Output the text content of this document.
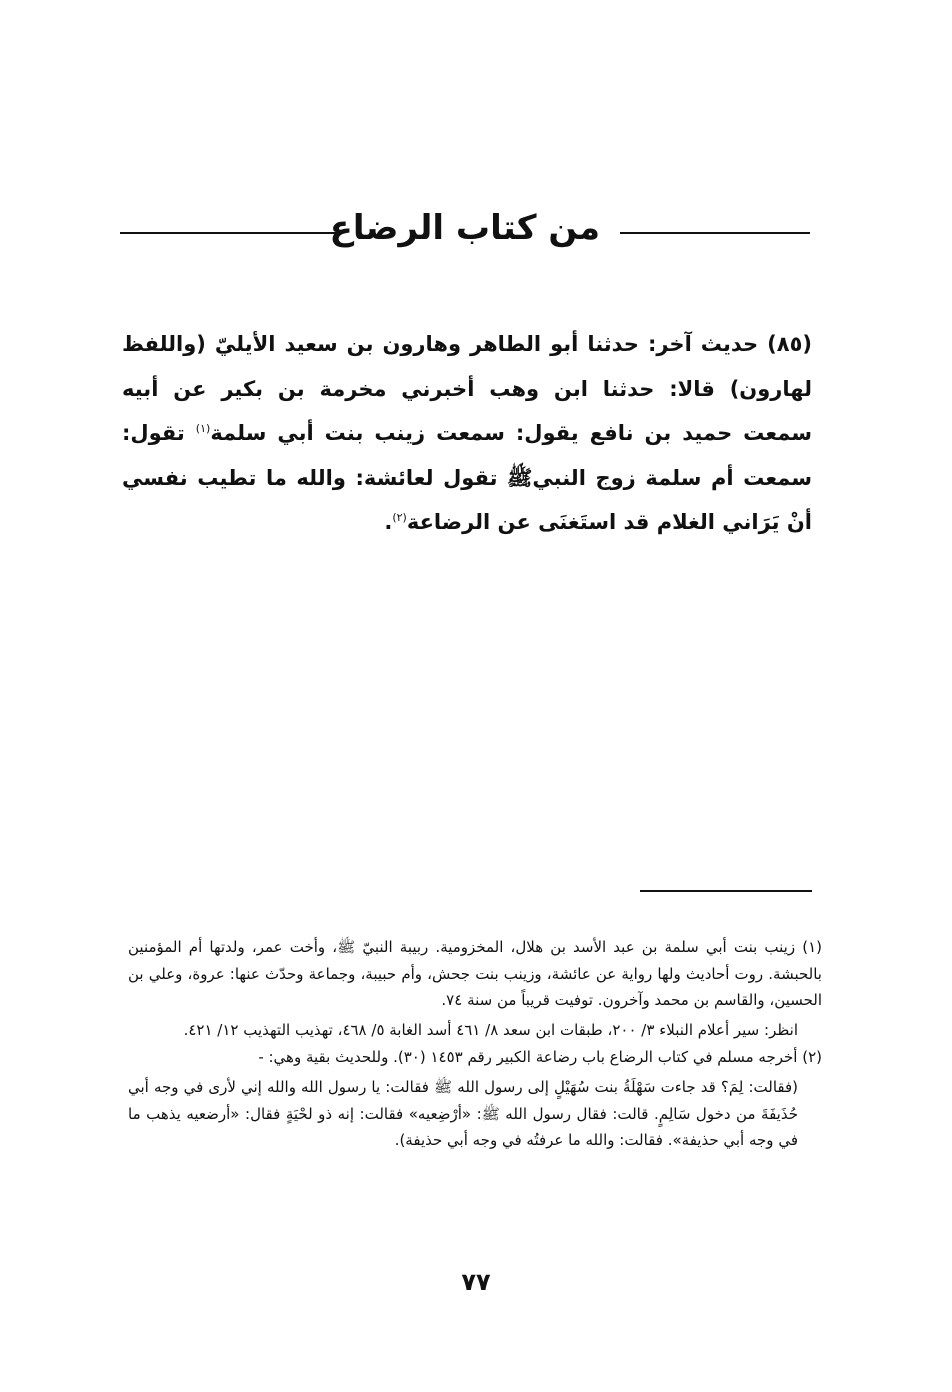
من كتاب الرضاع
(٨٥) حديث آخر: حدثنا أبو الطاهر وهارون بن سعيد الأيليّ (واللفظ لهارون) قالا: حدثنا ابن وهب أخبرني مخرمة بن بكير عن أبيه سمعت حميد بن نافع يقول: سمعت زينب بنت أبي سلمة$^{(١)}$ تقول: سمعت أم سلمة زوج النبيﷺ تقول لعائشة: والله ما تطيب نفسي أنْ يَرَاني الغلام قد استَغنَى عن الرضاعة$^{(٢)}$.

(١) زينب بنت أبي سلمة بن عبد الأسد بن هلال، المخزومية. ربيبة النبيّ ﷺ، وأخت عمر، ولدتها أم المؤمنين بالحبشة. روت أحاديث ولها رواية عن عائشة، وزينب بنت جحش، وأم حبيبة، وجماعة وحدّث عنها: عروة، وعلي بن الحسين، والقاسم بن محمد وآخرون. توفيت قريباً من سنة ٧٤.

انظر: سير أعلام النبلاء ٣/ ٢٠٠، طبقات ابن سعد ٨/ ٤٦١ أسد الغابة ٥/ ٤٦٨، تهذيب التهذيب ١٢/ ٤٢١.

(٢) أخرجه مسلم في كتاب الرضاع باب رضاعة الكبير رقم ١٤٥٣ (٣٠). وللحديث بقية وهي: -

(فقالت: لِمَ؟ قد جاءت سَهْلَةُ بنت سُهَيْلٍ إلى رسول الله ﷺ فقالت: يا رسول الله والله إني لأرى في وجه أبي حُذَيفَةَ من دخول سَالِمٍ. قالت: فقال رسول الله ﷺ: «أرْضِعيه» فقالت: إنه ذو لحْيَةٍ فقال: «أرضعيه يذهب ما في وجه أبي حذيفة». فقالت: والله ما عرفتُه في وجه أبي حذيفة).

٧٧
